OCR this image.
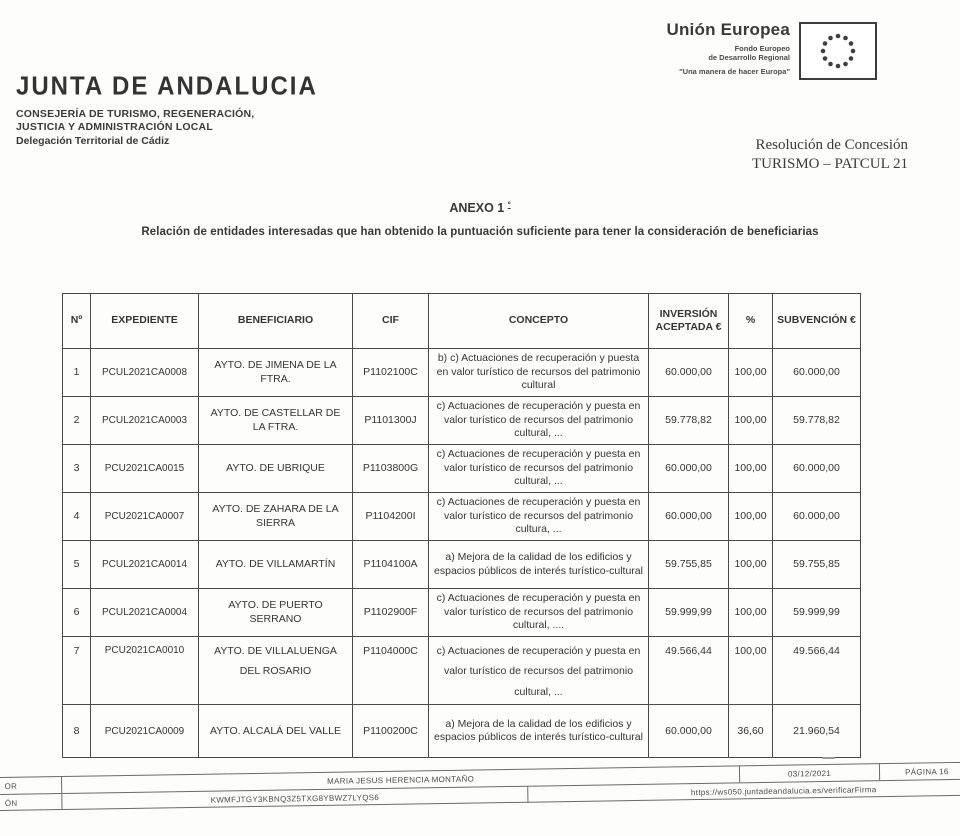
JUNTA DE ANDALUCIA
CONSEJERÍA DE TURISMO, REGENERACIÓN,
JUSTICIA Y ADMINISTRACIÓN LOCAL
Delegación Territorial de Cádiz
Unión Europea
Fondo Europeo
de Desarrollo Regional
"Una manera de hacer Europa"
Resolución de Concesión
TURISMO – PATCUL 21
ANEXO 1 $^º$
Relación de entidades interesadas que han obtenido la puntuación suficiente para tener la consideración de beneficiarias
Nº	EXPEDIENTE	BENEFICIARIO	CIF	CONCEPTO	INVERSIÓN ACEPTADA €	%	SUBVENCIÓN €
1	PCUL2021CA0008	AYTO. DE JIMENA DE LA FTRA.	P1102100C	b) c) Actuaciones de recuperación y puesta en valor turístico de recursos del patrimonio cultural	60.000,00	100,00	60.000,00
2	PCUL2021CA0003	AYTO. DE CASTELLAR DE LA FTRA.	P1101300J	c) Actuaciones de recuperación y puesta en valor turístico de recursos del patrimonio cultural, ...	59.778,82	100,00	59.778,82
3	PCU2021CA0015	AYTO. DE UBRIQUE	P1103800G	c) Actuaciones de recuperación y puesta en valor turístico de recursos del patrimonio cultural, ...	60.000,00	100,00	60.000,00
4	PCU2021CA0007	AYTO. DE ZAHARA DE LA SIERRA	P1104200I	c) Actuaciones de recuperación y puesta en valor turístico de recursos del patrimonio cultura, ...	60.000,00	100,00	60.000,00
5	PCUL2021CA0014	AYTO. DE VILLAMARTÍN	P1104100A	a) Mejora de la calidad de los edificios y espacios públicos de interés turístico-cultural	59.755,85	100,00	59.755,85
6	PCUL2021CA0004	AYTO. DE PUERTO SERRANO	P1102900F	c) Actuaciones de recuperación y puesta en valor turístico de recursos del patrimonio cultural, ....	59.999,99	100,00	59.999,99
7	PCU2021CA0010	AYTO. DE VILLALUENGA DEL ROSARIO	P1104000C	c) Actuaciones de recuperación y puesta en valor turístico de recursos del patrimonio cultural, ...	49.566,44	100,00	49.566,44
8	PCU2021CA0009	AYTO. ALCALÁ DEL VALLE	P1100200C	a) Mejora de la calidad de los edificios y espacios públicos de interés turístico-cultural	60.000,00	36,60	21.960,54
OR
MARIA JESUS HERENCIA MONTAÑO
03/12/2021	PÁGINA 16
ÓN	KWMFJTGY3KBNQ3Z5TXG8YBWZ7LYQS6
https://ws050.juntadeandalucia.es/verificarFirma
